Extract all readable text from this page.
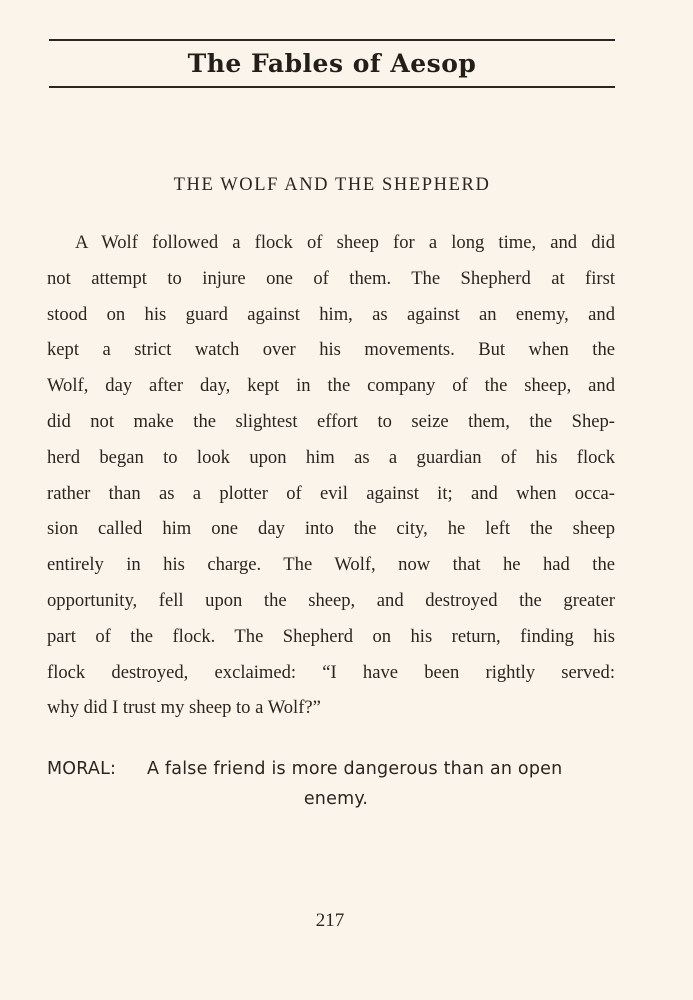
The Fables of Aesop
THE WOLF AND THE SHEPHERD
A Wolf followed a flock of sheep for a long time, and did
not attempt to injure one of them. The Shepherd at first
stood on his guard against him, as against an enemy, and
kept a strict watch over his movements. But when the
Wolf, day after day, kept in the company of the sheep, and
did not make the slightest effort to seize them, the Shep-
herd began to look upon him as a guardian of his flock
rather than as a plotter of evil against it; and when occa-
sion called him one day into the city, he left the sheep
entirely in his charge. The Wolf, now that he had the
opportunity, fell upon the sheep, and destroyed the greater
part of the flock. The Shepherd on his return, finding his
flock destroyed, exclaimed: “I have been rightly served:
why did I trust my sheep to a Wolf?”
MORAL: A false friend is more dangerous than an open
enemy.
217
